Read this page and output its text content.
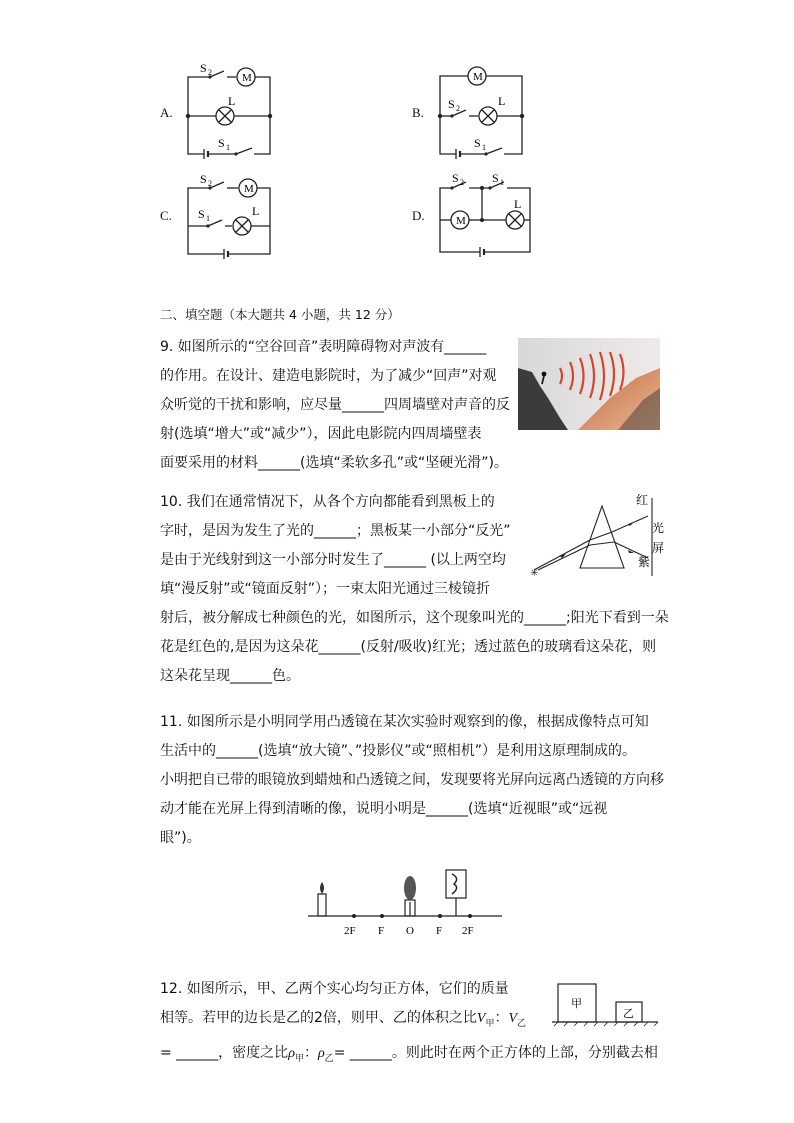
A.
M
L
S 2
S 1
B.
M
L
S 2
S 1
C.
M
L
S 2
S 1	D.	M
L
S 2 S 1
二、填空题（本大题共 4 小题，共 12 分）
9. 如图所示的“空谷回音”表明障碍物对声波有______
的作用。在设计、建造电影院时，为了减少“回声”对观
众听觉的干扰和影响，应尽量______四周墙壁对声音的反
射(选填“增大”或“减少”），因此电影院内四周墙壁表
面要采用的材料______(选填“柔软多孔”或“坚硬光滑”)。
10. 我们在通常情况下，从各个方向都能看到黑板上的
字时，是因为发生了光的______；黑板某一小部分“反光”
是由于光线射到这一小部分时发生了______ (以上两空均
填“漫反射”或“镜面反射”）；一束太阳光通过三棱镜折
射后，被分解成七种颜色的光，如图所示，这个现象叫光的______;阳光下看到一朵
花是红色的,是因为这朵花______(反射/吸收)红光；透过蓝色的玻璃看这朵花，则
这朵花呈现______色。
✳
红
光
屏
紫
11. 如图所示是小明同学用凸透镜在某次实验时观察到的像，根据成像特点可知
生活中的______(选填“放大镜”、”投影仪”或“照相机”）是利用这原理制成的。
小明把自已带的眼镜放到蜡烛和凸透镜之间，发现要将光屏向远离凸透镜的方向移
动才能在光屏上得到清晰的像，说明小明是______(选填“近视眼”或“远视
眼”)。
2F F O F 2F
12. 如图所示，甲、乙两个实心均匀正方体，它们的质量
相等。若甲的边长是乙的2倍，则甲、乙的体积之比$V_甲$：$V_乙$
= ______，密度之比$\rho_甲$：$\rho_乙=$ ______。则此时在两个正方体的上部，分别截去相
甲
乙
